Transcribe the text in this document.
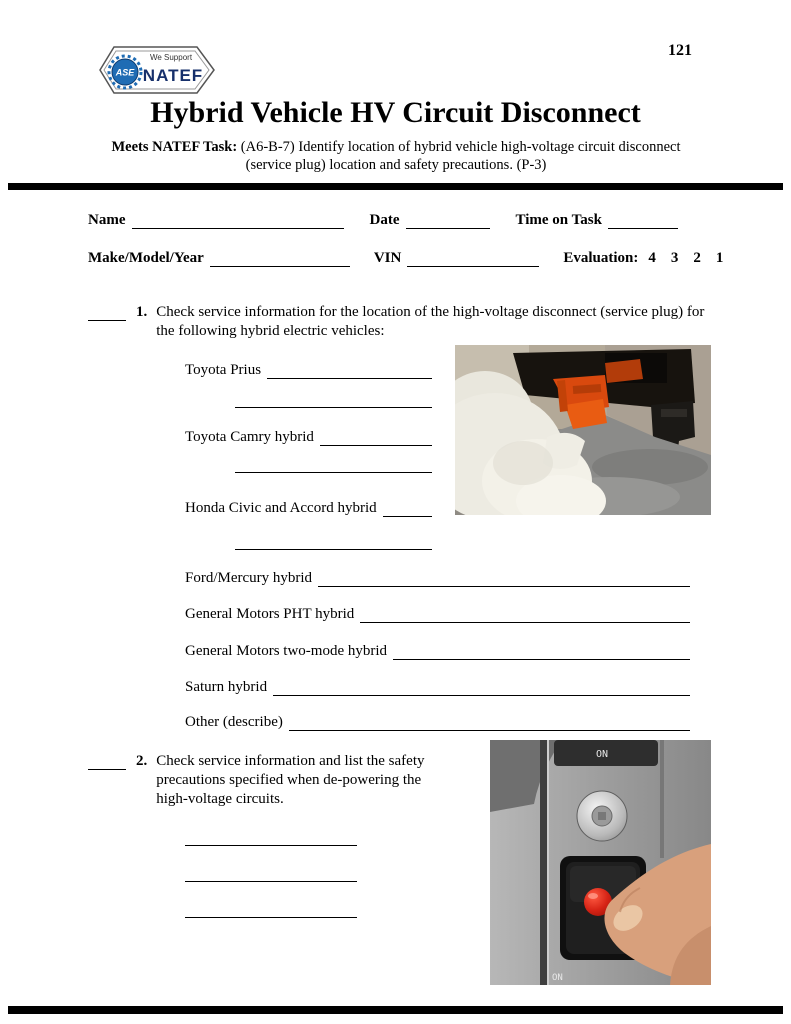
121
ASE
We Support
NATEF
Hybrid Vehicle HV Circuit Disconnect
Meets NATEF Task: (A6-B-7) Identify location of hybrid vehicle high-voltage circuit disconnect (service plug) location and safety precautions. (P-3)
Name	Date	Time on Task
Make/Model/Year	VIN	Evaluation: 4    3    2    1
1. Check service information for the location of the high-voltage disconnect (service plug) for the following hybrid electric vehicles:
Toyota Prius
Toyota Camry hybrid
Honda Civic and Accord hybrid
Ford/Mercury hybrid
General Motors PHT hybrid
General Motors two-mode hybrid
Saturn hybrid
Other (describe)
2. Check service information and list the safety precautions specified when de-powering the high-voltage circuits.
ON
ON
